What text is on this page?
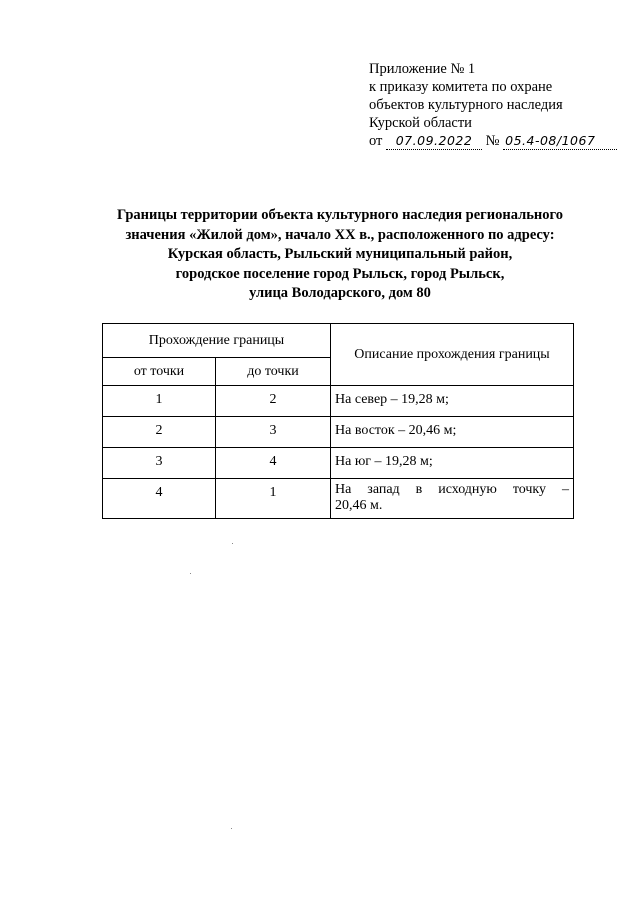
Приложение № 1
к приказу комитета по охране
объектов культурного наследия
Курской области
от 07.09.2022 № 05.4-08/1067
Границы территории объекта культурного наследия регионального
значения «Жилой дом», начало XX в., расположенного по адресу:
Курская область, Рыльский муниципальный район,
городское поселение город Рыльск, город Рыльск,
улица Володарского, дом 80
Прохождение границы		Описание прохождения границы
от точки	до точки	
1	2	На север – 19,28 м;
2	3	На восток – 20,46 м;
3	4	На юг – 19,28 м;
4	1	На запад в исходную точку –
20,46 м.
